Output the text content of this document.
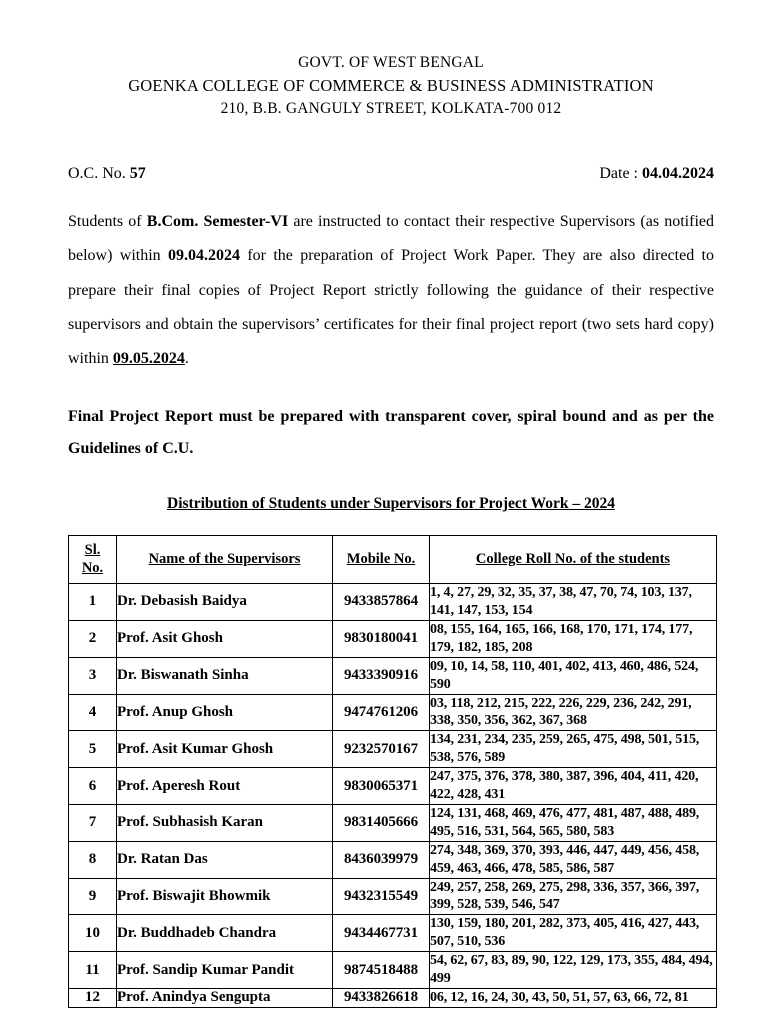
GOVT. OF WEST BENGAL
GOENKA COLLEGE OF COMMERCE & BUSINESS ADMINISTRATION
210, B.B. GANGULY STREET, KOLKATA-700 012
O.C. No. 57	Date : 04.04.2024
Students of B.Com. Semester-VI are instructed to contact their respective Supervisors (as notified below) within 09.04.2024 for the preparation of Project Work Paper. They are also directed to prepare their final copies of Project Report strictly following the guidance of their respective supervisors and obtain the supervisors’ certificates for their final project report (two sets hard copy) within 09.05.2024.
Final Project Report must be prepared with transparent cover, spiral bound and as per the Guidelines of C.U.
Distribution of Students under Supervisors for Project Work – 2024
Sl.
No.	Name of the Supervisors	Mobile No.	College Roll No. of the students
1	Dr. Debasish Baidya	9433857864	1, 4, 27, 29, 32, 35, 37, 38, 47, 70, 74, 103, 137, 141, 147, 153, 154
2	Prof. Asit Ghosh	9830180041	08, 155, 164, 165, 166, 168, 170, 171, 174, 177, 179, 182, 185, 208
3	Dr. Biswanath Sinha	9433390916	09, 10, 14, 58, 110, 401, 402, 413, 460, 486, 524, 590
4	Prof. Anup Ghosh	9474761206	03, 118, 212, 215, 222, 226, 229, 236, 242, 291, 338, 350, 356, 362, 367, 368
5	Prof. Asit Kumar Ghosh	9232570167	134, 231, 234, 235, 259, 265, 475, 498, 501, 515, 538, 576, 589
6	Prof. Aperesh Rout	9830065371	247, 375, 376, 378, 380, 387, 396, 404, 411, 420, 422, 428, 431
7	Prof. Subhasish Karan	9831405666	124, 131, 468, 469, 476, 477, 481, 487, 488, 489, 495, 516, 531, 564, 565, 580, 583
8	Dr. Ratan Das	8436039979	274, 348, 369, 370, 393, 446, 447, 449, 456, 458, 459, 463, 466, 478, 585, 586, 587
9	Prof. Biswajit Bhowmik	9432315549	249, 257, 258, 269, 275, 298, 336, 357, 366, 397, 399, 528, 539, 546, 547
10	Dr. Buddhadeb Chandra	9434467731	130, 159, 180, 201, 282, 373, 405, 416, 427, 443, 507, 510, 536
11	Prof. Sandip Kumar Pandit	9874518488	54, 62, 67, 83, 89, 90, 122, 129, 173, 355, 484, 494, 499
12	Prof. Anindya Sengupta	9433826618	06, 12, 16, 24, 30, 43, 50, 51, 57, 63, 66, 72, 81
